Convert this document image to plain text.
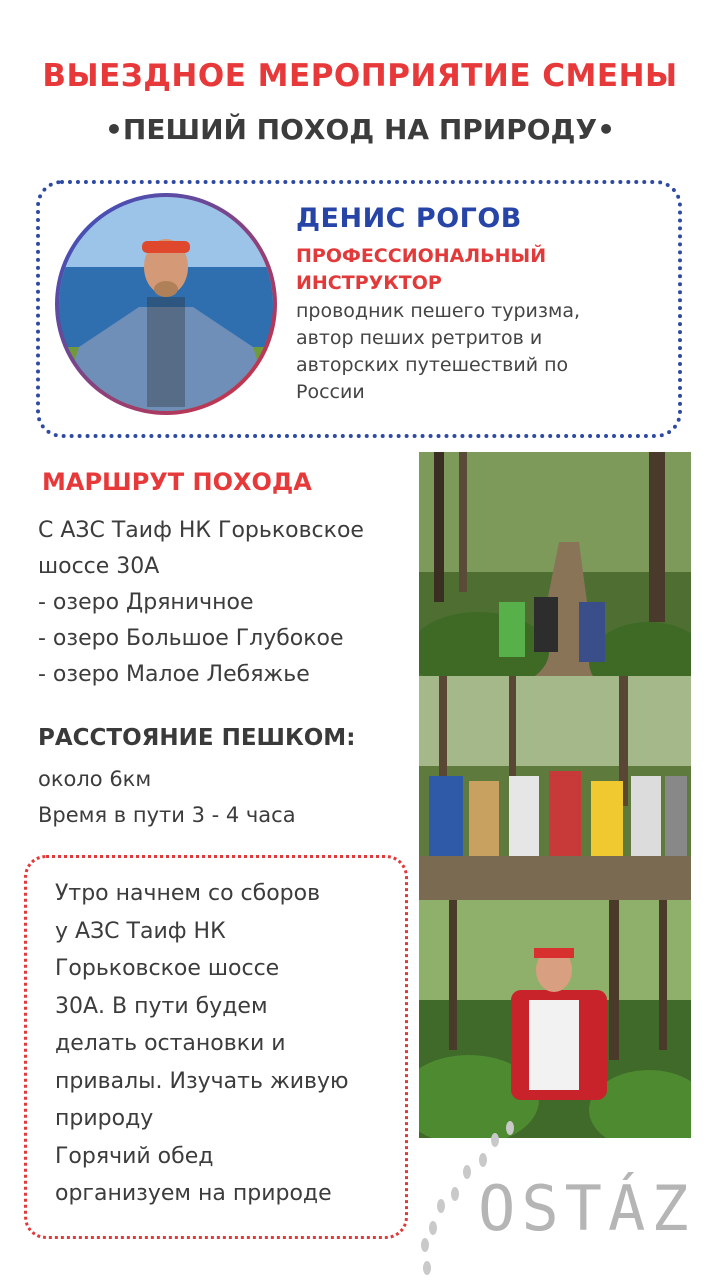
ВЫЕЗДНОЕ МЕРОПРИЯТИЕ СМЕНЫ
•ПЕШИЙ ПОХОД НА ПРИРОДУ•
ДЕНИС РОГОВ
ПРОФЕССИОНАЛЬНЫЙ ИНСТРУКТОР
проводник пешего туризма, автор пеших ретритов и авторских путешествий по России
МАРШРУТ ПОХОДА
С АЗС Таиф НК Горьковское
шоссе 30А
- озеро Дряничное
- озеро Большое Глубокое
- озеро Малое Лебяжье
РАССТОЯНИЕ ПЕШКОМ:
около 6км
Время в пути 3 - 4 часа
Утро начнем со сборов
у АЗС Таиф НК
Горьковское шоссе
30А. В пути будем
делать остановки и
привалы. Изучать живую
природу
Горячий обед
организуем на природе	OSTÁZ
